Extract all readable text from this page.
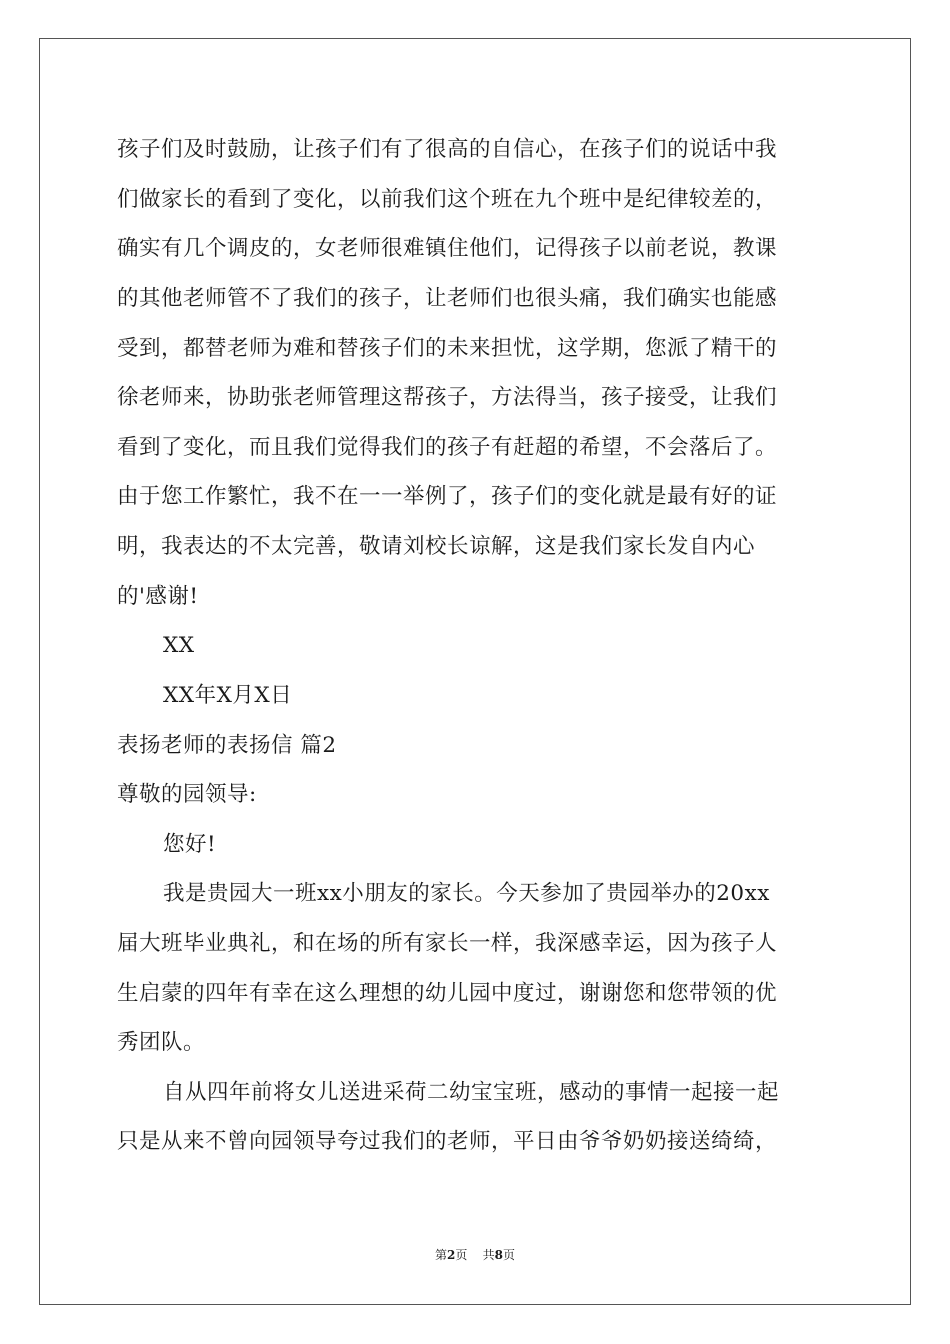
孩子们及时鼓励，让孩子们有了很高的自信心，在孩子们的说话中我
们做家长的看到了变化，以前我们这个班在九个班中是纪律较差的，
确实有几个调皮的，女老师很难镇住他们，记得孩子以前老说，教课
的其他老师管不了我们的孩子，让老师们也很头痛，我们确实也能感
受到，都替老师为难和替孩子们的未来担忧，这学期，您派了精干的
徐老师来，协助张老师管理这帮孩子，方法得当，孩子接受，让我们
看到了变化，而且我们觉得我们的孩子有赶超的希望，不会落后了。
由于您工作繁忙，我不在一一举例了，孩子们的变化就是最有好的证
明，我表达的不太完善，敬请刘校长谅解，这是我们家长发自内心
的'感谢!
XX
XX年X月X日
表扬老师的表扬信 篇2
尊敬的园领导:
您好!
我是贵园大一班xx小朋友的家长。今天参加了贵园举办的20xx
届大班毕业典礼，和在场的所有家长一样，我深感幸运，因为孩子人
生启蒙的四年有幸在这么理想的幼儿园中度过，谢谢您和您带领的优
秀团队。
自从四年前将女儿送进采荷二幼宝宝班，感动的事情一起接一起
只是从来不曾向园领导夸过我们的老师，平日由爷爷奶奶接送绮绮，
第2页    共8页
